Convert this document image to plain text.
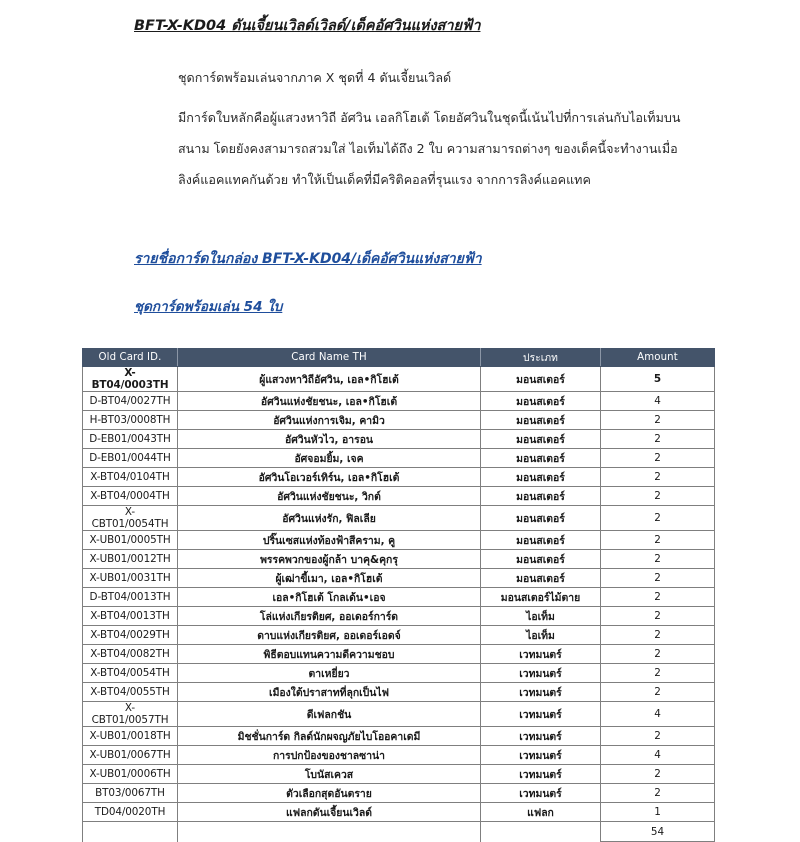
BFT-X-KD04 ดันเจี้ยนเวิลด์เวิลด์/เด็คอัศวินแห่งสายฟ้า
ชุดการ์ดพร้อมเล่นจากภาค X ชุดที่ 4 ดันเจี้ยนเวิลด์
มีการ์ดใบหลักคือผู้แสวงหาวิถี อัศวิน เอลกิโฮเต้ โดยอัศวินในชุดนี้เน้นไปที่การเล่นกับไอเท็มบนสนาม โดยยังคงสามารถสวมใส่ ไอเท็มได้ถึง 2 ใบ ความสามารถต่างๆ ของเด็คนี้จะทำงานเมื่อลิงค์แอคแทคกันด้วย ทำให้เป็นเด็คที่มีคริติคอลที่รุนแรง จากการลิงค์แอคแทค
รายชื่อการ์ดในกล่อง BFT-X-KD04/เด็คอัศวินแห่งสายฟ้า
ชุดการ์ดพร้อมเล่น 54 ใบ
Old Card ID.	Card Name TH	ประเภท	Amount
X-BT04/0003TH	ผู้แสวงหาวิถีอัศวิน, เอล•กิโฮเต้	มอนสเตอร์	5
D-BT04/0027TH	อัศวินแห่งชัยชนะ, เอล•กิโฮเต้	มอนสเตอร์	4
H-BT03/0008TH	อัศวินแห่งการเจิม, คามิว	มอนสเตอร์	2
D-EB01/0043TH	อัศวินหัวไว, อารอน	มอนสเตอร์	2
D-EB01/0044TH	อัศจอมยิ้ม, เจค	มอนสเตอร์	2
X-BT04/0104TH	อัศวินโอเวอร์เทิร์น, เอล•กิโฮเต้	มอนสเตอร์	2
X-BT04/0004TH	อัศวินแห่งชัยชนะ, วิกต์	มอนสเตอร์	2
X-CBT01/0054TH	อัศวินแห่งรัก, ฟิลเลีย	มอนสเตอร์	2
X-UB01/0005TH	ปริ๊นเซสแห่งท้องฟ้าสีคราม, คู	มอนสเตอร์	2
X-UB01/0012TH	พรรคพวกของผู้กล้า บาคุ&คุกรุ	มอนสเตอร์	2
X-UB01/0031TH	ผู้เฒ่าขี้เมา, เอล•กิโฮเต้	มอนสเตอร์	2
D-BT04/0013TH	เอล•กิโฮเต้ โกลเด้น•เอจ	มอนสเตอร์ไม้ตาย	2
X-BT04/0013TH	โล่แห่งเกียรติยศ, ออเดอร์การ์ด	ไอเท็ม	2
X-BT04/0029TH	ดาบแห่งเกียรติยศ, ออเดอร์เอดจ์	ไอเท็ม	2
X-BT04/0082TH	พิธีตอบแทนความดีความชอบ	เวทมนตร์	2
X-BT04/0054TH	ตาเหยี่ยว	เวทมนตร์	2
X-BT04/0055TH	เมืองใต้ปราสาทที่ลุกเป็นไฟ	เวทมนตร์	2
X-CBT01/0057TH	ดีเฟลกชัน	เวทมนตร์	4
X-UB01/0018TH	มิชชั่นการ์ด กิลด์นักผจญภัยไบโออคาเดมี	เวทมนตร์	2
X-UB01/0067TH	การปกป้องของชาลซาน่า	เวทมนตร์	4
X-UB01/0006TH	โบนัสเควส	เวทมนตร์	2
BT03/0067TH	ตัวเลือกสุดอันตราย	เวทมนตร์	2
TD04/0020TH	แฟลกดันเจี้ยนเวิลด์	แฟลก	1
			54
